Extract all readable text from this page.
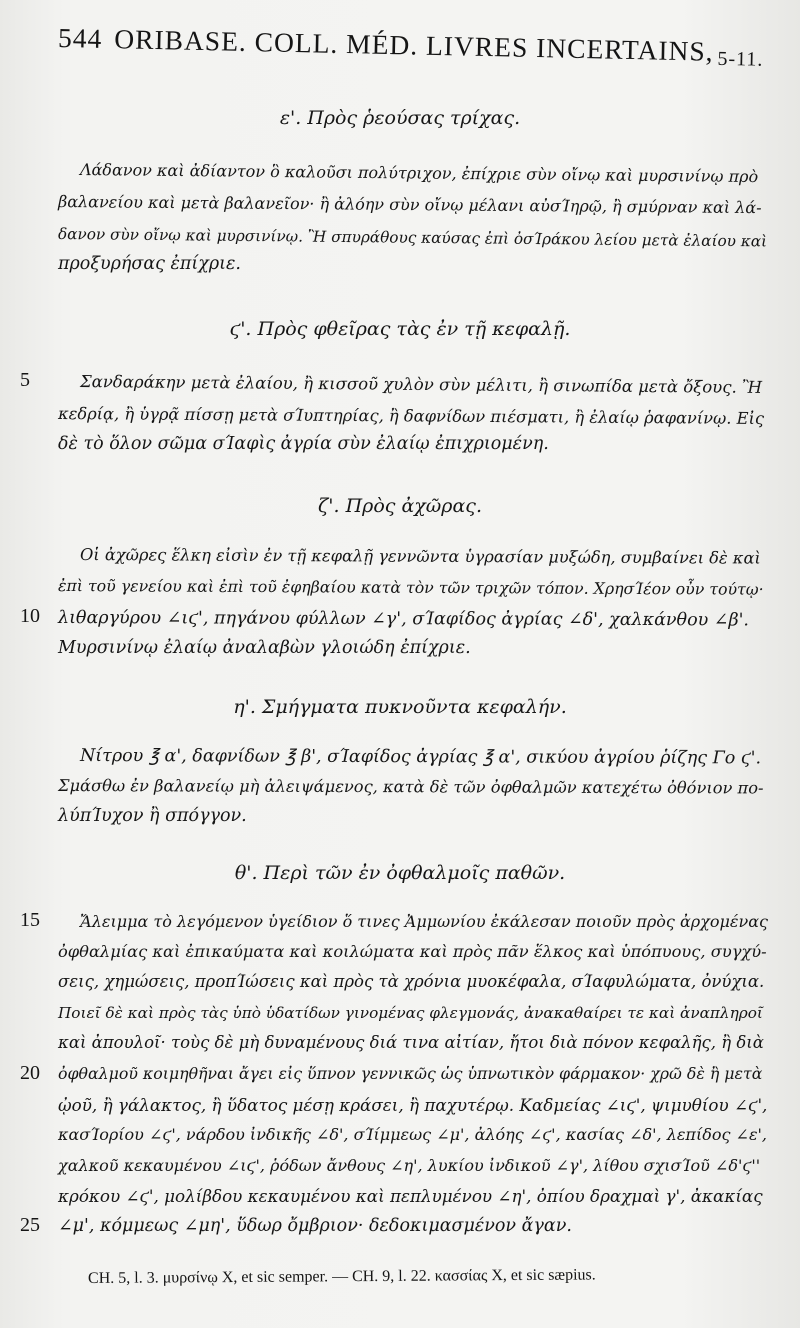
544 ORIBASE. COLL. MÉD. LIVRES INCERTAINS, 5-11.
ε'. Πρὸς ῥεούσας τρίχας.
Λάδανον καὶ ἀδίαντον ὃ καλοῦσι πολύτριχον, ἐπίχριε σὺν οἴνῳ καὶ μυρσινίνῳ πρὸ
βαλανείου καὶ μετὰ βαλανεῖον· ἢ ἀλόην σὺν οἴνῳ μέλανι αὐσΊηρῷ, ἢ σμύρναν καὶ λά-
δανον σὺν οἴνῳ καὶ μυρσινίνῳ. Ἢ σπυράθους καύσας ἐπὶ ὀσΊράκου λείου μετὰ ἐλαίου καὶ
προξυρήσας ἐπίχριε.
ϛ'. Πρὸς φθεῖρας τὰς ἐν τῇ κεφαλῇ.
5	Σανδαράκην μετὰ ἐλαίου, ἢ κισσοῦ χυλὸν σὺν μέλιτι, ἢ σινωπίδα μετὰ ὄξους. Ἢ
κεδρίᾳ, ἢ ὑγρᾷ πίσσῃ μετὰ σΊυπτηρίας, ἢ δαφνίδων πιέσματι, ἢ ἐλαίῳ ῥαφανίνῳ. Εἰς
δὲ τὸ ὅλον σῶμα σΊαφὶς ἀγρία σὺν ἐλαίῳ ἐπιχριομένη.
ζ'. Πρὸς ἀχῶρας.
Οἱ ἀχῶρες ἕλκη εἰσὶν ἐν τῇ κεφαλῇ γεννῶντα ὑγρασίαν μυξώδη, συμβαίνει δὲ καὶ
ἐπὶ τοῦ γενείου καὶ ἐπὶ τοῦ ἐφηβαίου κατὰ τὸν τῶν τριχῶν τόπον. ΧρησΊέον οὖν τούτῳ·
10 λιθαργύρου ∠ιϛ', πηγάνου φύλλων ∠γ', σΊαφίδος ἀγρίας ∠δ', χαλκάνθου ∠β'.
Μυρσινίνῳ ἐλαίῳ ἀναλαβὼν γλοιώδη ἐπίχριε.
η'. Σμήγματα πυκνοῦντα κεφαλήν.
Νίτρου ℥ α', δαφνίδων ℥ β', σΊαφίδος ἀγρίας ℥ α', σικύου ἀγρίου ῥίζης Γο ϛ'.
Σμάσθω ἐν βαλανείῳ μὴ ἀλειψάμενος, κατὰ δὲ τῶν ὀφθαλμῶν κατεχέτω ὀθόνιον πο-
λύπΊυχον ἢ σπόγγον.
θ'. Περὶ τῶν ἐν ὀφθαλμοῖς παθῶν.
15	Ἄλειμμα τὸ λεγόμενον ὑγείδιον ὅ τινες Ἀμμωνίου ἐκάλεσαν ποιοῦν πρὸς ἀρχομένας
ὀφθαλμίας καὶ ἐπικαύματα καὶ κοιλώματα καὶ πρὸς πᾶν ἕλκος καὶ ὑπόπυους, συγχύ-
σεις, χημώσεις, προπΊώσεις καὶ πρὸς τὰ χρόνια μυοκέφαλα, σΊαφυλώματα, ὀνύχια.
Ποιεῖ δὲ καὶ πρὸς τὰς ὑπὸ ὑδατίδων γινομένας φλεγμονάς, ἀνακαθαίρει τε καὶ ἀναπληροῖ
καὶ ἀπουλοῖ· τοὺς δὲ μὴ δυναμένους διά τινα αἰτίαν, ἤτοι διὰ πόνον κεφαλῆς, ἢ διὰ
20 ὀφθαλμοῦ κοιμηθῆναι ἄγει εἰς ὕπνον γεννικῶς ὡς ὑπνωτικὸν φάρμακον· χρῶ δὲ ἢ μετὰ
ᾠοῦ, ἢ γάλακτος, ἢ ὕδατος μέσῃ κράσει, ἢ παχυτέρῳ. Καδμείας ∠ιϛ', ψιμυθίου ∠ϛ',
κασΊορίου ∠ϛ', νάρδου ἰνδικῆς ∠δ', σΊίμμεως ∠μ', ἀλόης ∠ϛ', κασίας ∠δ', λεπίδος ∠ε',
χαλκοῦ κεκαυμένου ∠ιϛ', ῥόδων ἄνθους ∠η', λυκίου ἰνδικοῦ ∠γ', λίθου σχισΊοῦ ∠δ'ϛ''
κρόκου ∠ϛ', μολίβδου κεκαυμένου καὶ πεπλυμένου ∠η', ὀπίου δραχμαὶ γ', ἀκακίας
25 ∠μ', κόμμεως ∠μη', ὕδωρ ὄμβριον· δεδοκιμασμένον ἄγαν.
CH. 5, l. 3. μυρσίνῳ X, et sic semper. — CH. 9, l. 22. κασσίας X, et sic sæpius.
